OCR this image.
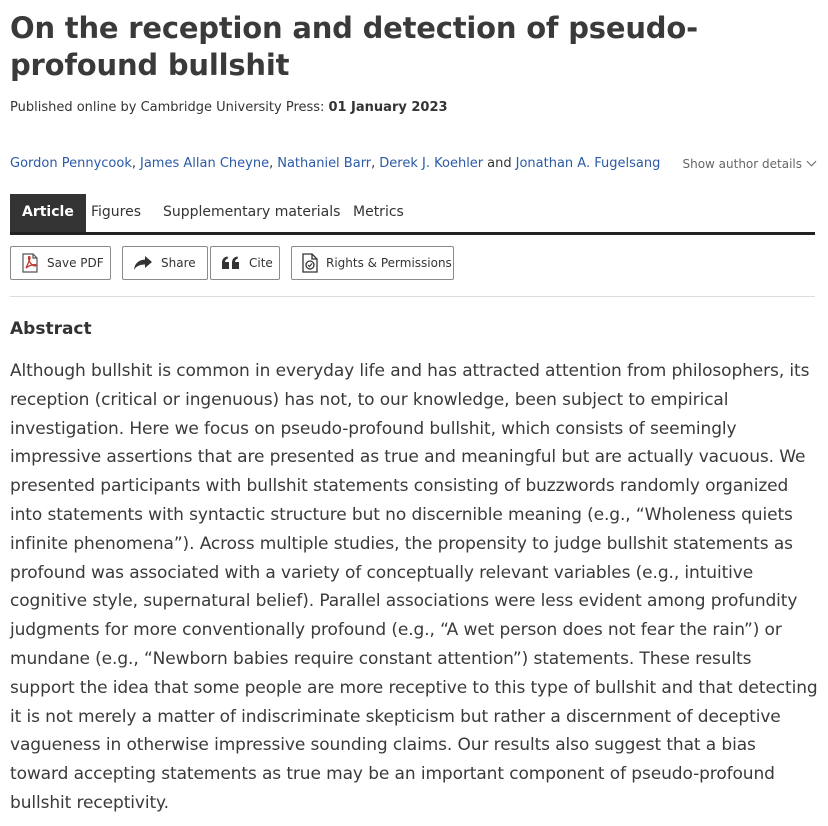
On the reception and detection of pseudo-profound bullshit
Published online by Cambridge University Press: 01 January 2023
Gordon Pennycook, James Allan Cheyne, Nathaniel Barr, Derek J. Koehler and Jonathan A. Fugelsang Show author details
Article	Figures Supplementary materials Metrics
Save PDF	Share	Cite	Rights & Permissions
Abstract

Although bullshit is common in everyday life and has attracted attention from philosophers, its reception (critical or ingenuous) has not, to our knowledge, been subject to empirical investigation. Here we focus on pseudo-profound bullshit, which consists of seemingly impressive assertions that are presented as true and meaningful but are actually vacuous. We presented participants with bullshit statements consisting of buzzwords randomly organized into statements with syntactic structure but no discernible meaning (e.g., “Wholeness quiets infinite phenomena”). Across multiple studies, the propensity to judge bullshit statements as profound was associated with a variety of conceptually relevant variables (e.g., intuitive cognitive style, supernatural belief). Parallel associations were less evident among profundity judgments for more conventionally profound (e.g., “A wet person does not fear the rain”) or mundane (e.g., “Newborn babies require constant attention”) statements. These results support the idea that some people are more receptive to this type of bullshit and that detecting it is not merely a matter of indiscriminate skepticism but rather a discernment of deceptive vagueness in otherwise impressive sounding claims. Our results also suggest that a bias toward accepting statements as true may be an important component of pseudo-profound bullshit receptivity.
